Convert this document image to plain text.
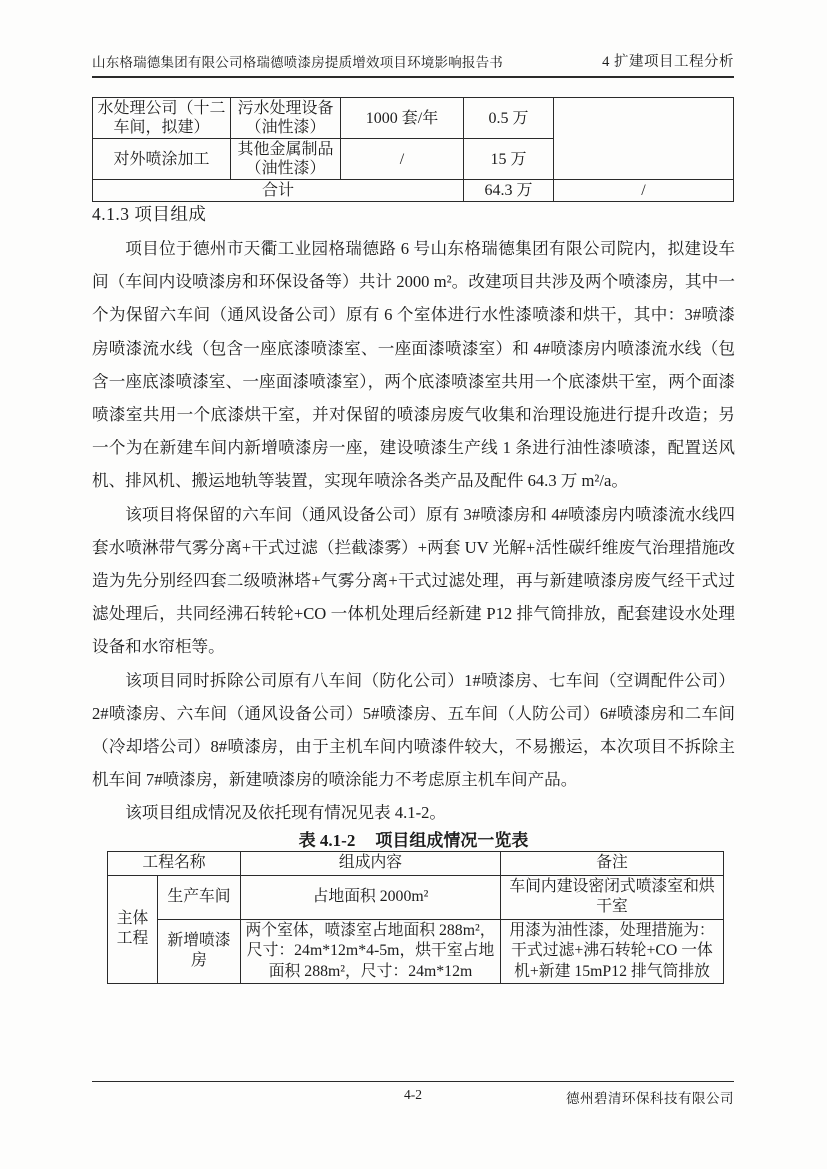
山东格瑞德集团有限公司格瑞德喷漆房提质增效项目环境影响报告书	4 扩建项目工程分析
水处理公司（十二车间，拟建）	污水处理设备（油性漆）	1000 套/年	0.5 万	
对外喷涂加工	其他金属制品（油性漆）	/	15 万	
合计			64.3 万	/
4.1.3 项目组成

项目位于德州市天衢工业园格瑞德路 6 号山东格瑞德集团有限公司院内，拟建设车间（车间内设喷漆房和环保设备等）共计 2000 m²。改建项目共涉及两个喷漆房，其中一个为保留六车间（通风设备公司）原有 6 个室体进行水性漆喷漆和烘干，其中：3#喷漆房喷漆流水线（包含一座底漆喷漆室、一座面漆喷漆室）和 4#喷漆房内喷漆流水线（包含一座底漆喷漆室、一座面漆喷漆室），两个底漆喷漆室共用一个底漆烘干室，两个面漆喷漆室共用一个底漆烘干室，并对保留的喷漆房废气收集和治理设施进行提升改造；另一个为在新建车间内新增喷漆房一座，建设喷漆生产线 1 条进行油性漆喷漆，配置送风机、排风机、搬运地轨等装置，实现年喷涂各类产品及配件 64.3 万 m²/a。

该项目将保留的六车间（通风设备公司）原有 3#喷漆房和 4#喷漆房内喷漆流水线四套水喷淋带气雾分离+干式过滤（拦截漆雾）+两套 UV 光解+活性碳纤维废气治理措施改造为先分别经四套二级喷淋塔+气雾分离+干式过滤处理，再与新建喷漆房废气经干式过滤处理后，共同经沸石转轮+CO 一体机处理后经新建 P12 排气筒排放，配套建设水处理设备和水帘柜等。

该项目同时拆除公司原有八车间（防化公司）1#喷漆房、七车间（空调配件公司）2#喷漆房、六车间（通风设备公司）5#喷漆房、五车间（人防公司）6#喷漆房和二车间（冷却塔公司）8#喷漆房，由于主机车间内喷漆件较大，不易搬运，本次项目不拆除主机车间 7#喷漆房，新建喷漆房的喷涂能力不考虑原主机车间产品。

该项目组成情况及依托现有情况见表 4.1-2。

表 4.1-2 项目组成情况一览表
工程名称		组成内容	备注
主体工程	生产车间	占地面积 2000m²	车间内建设密闭式喷漆室和烘干室
	新增喷漆房	两个室体，喷漆室占地面积 288m²，尺寸：24m*12m*4-5m，烘干室占地面积 288m²，尺寸：24m*12m	用漆为油性漆，处理措施为：干式过滤+沸石转轮+CO 一体机+新建 15mP12 排气筒排放
4-2	德州碧清环保科技有限公司
